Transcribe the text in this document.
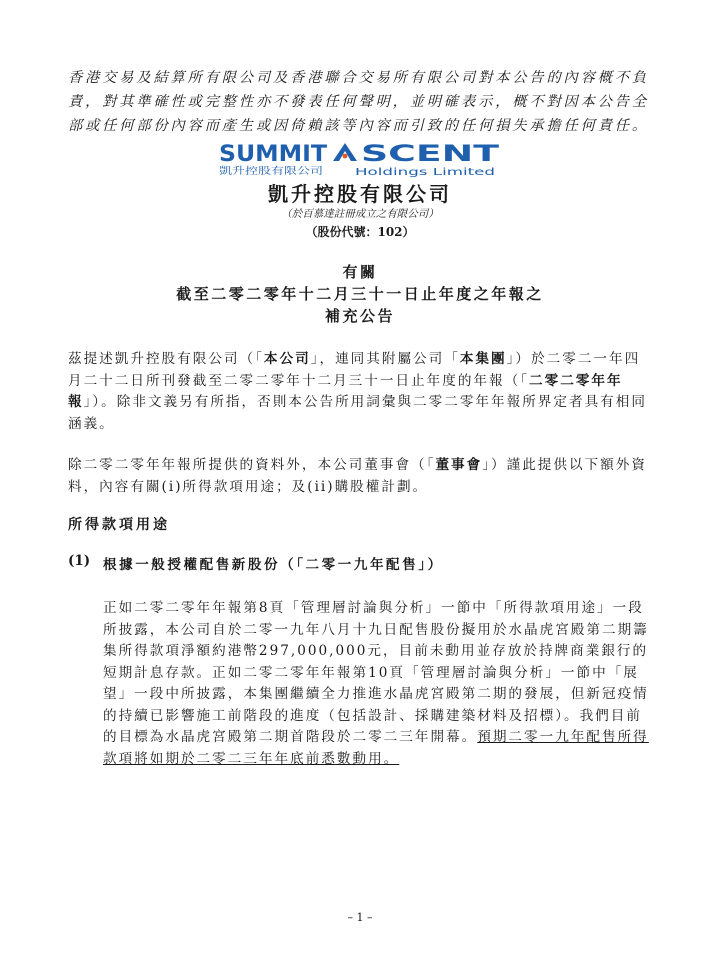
香港交易及結算所有限公司及香港聯合交易所有限公司對本公告的內容概不負責，對其準確性或完整性亦不發表任何聲明，並明確表示，概不對因本公告全部或任何部份內容而產生或因倚賴該等內容而引致的任何損失承擔任何責任。
SUMMIT SCENT
凱升控股有限公司	Holdings Limited
凱升控股有限公司
（於百慕達註冊成立之有限公司）
（股份代號：102）
有關
截至二零二零年十二月三十一日止年度之年報之
補充公告

茲提述凱升控股有限公司（「本公司」，連同其附屬公司「本集團」）於二零二一年四月二十二日所刊發截至二零二零年十二月三十一日止年度的年報（「二零二零年年報」）。除非文義另有所指，否則本公告所用詞彙與二零二零年年報所界定者具有相同涵義。

除二零二零年年報所提供的資料外，本公司董事會（「董事會」）謹此提供以下額外資料，內容有關(i)所得款項用途；及(ii)購股權計劃。

所得款項用途
(1) 根據一般授權配售新股份（「二零一九年配售」）

正如二零二零年年報第8頁「管理層討論與分析」一節中「所得款項用途」一段所披露，本公司自於二零一九年八月十九日配售股份擬用於水晶虎宮殿第二期籌集所得款項淨額約港幣297,000,000元，目前未動用並存放於持牌商業銀行的短期計息存款。正如二零二零年年報第10頁「管理層討論與分析」一節中「展望」一段中所披露，本集團繼續全力推進水晶虎宮殿第二期的發展，但新冠疫情的持續已影響施工前階段的進度（包括設計、採購建築材料及招標）。我們目前的目標為水晶虎宮殿第二期首階段於二零二三年開幕。預期二零一九年配售所得款項將如期於二零二三年年底前悉數動用。

– 1 –
